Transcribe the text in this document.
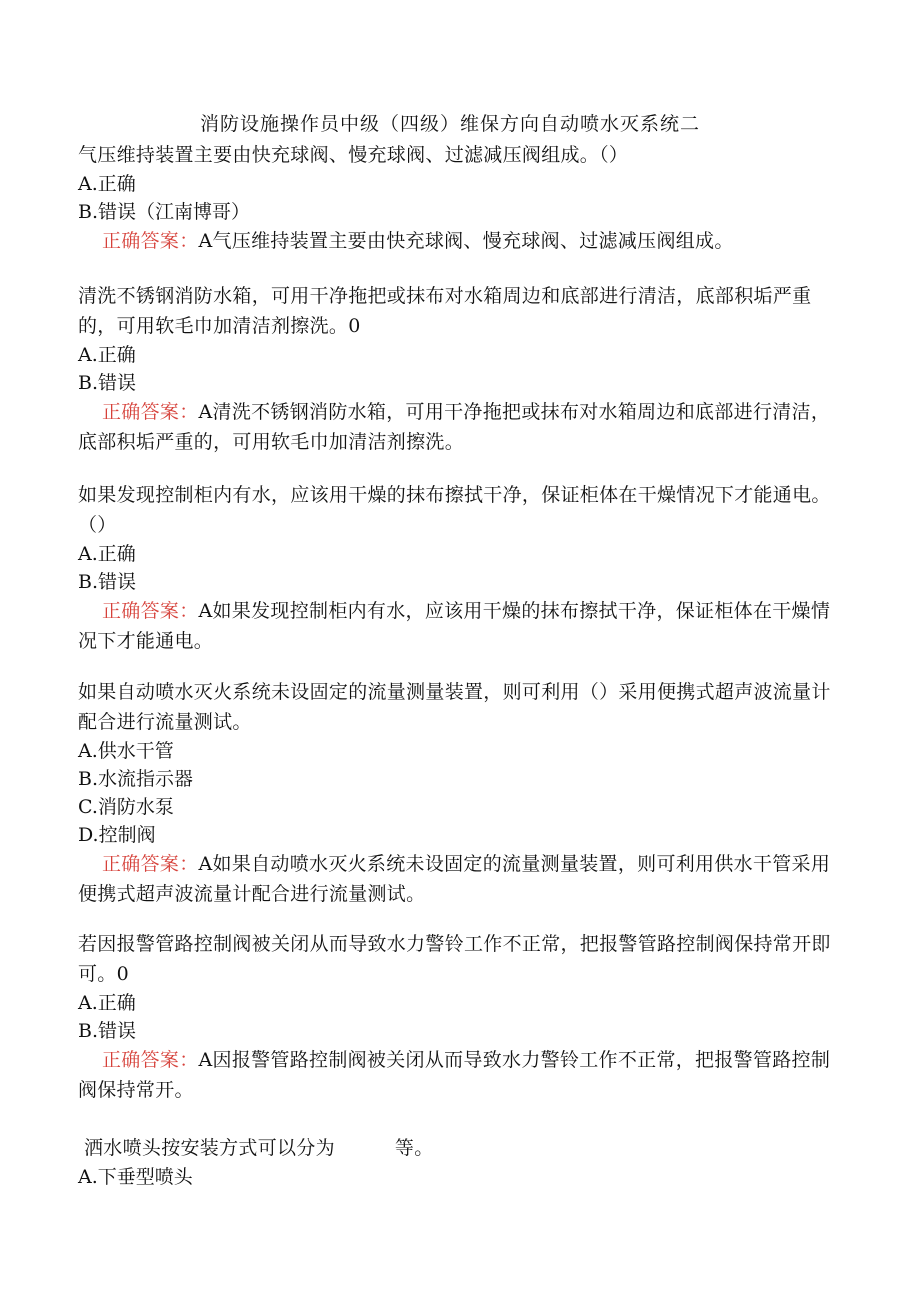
消防设施操作员中级（四级）维保方向自动喷水灭系统二

气压维持装置主要由快充球阀、慢充球阀、过滤减压阀组成。（）

A.正确

B.错误（江南博哥）

正确答案：A气压维持装置主要由快充球阀、慢充球阀、过滤减压阀组成。

清洗不锈钢消防水箱，可用干净拖把或抹布对水箱周边和底部进行清洁，底部积垢严重的，可用软毛巾加清洁剂擦洗。0

A.正确

B.错误

正确答案：A清洗不锈钢消防水箱，可用干净拖把或抹布对水箱周边和底部进行清洁，底部积垢严重的，可用软毛巾加清洁剂擦洗。

如果发现控制柜内有水，应该用干燥的抹布擦拭干净，保证柜体在干燥情况下才能通电。（）

A.正确

B.错误

正确答案：A如果发现控制柜内有水，应该用干燥的抹布擦拭干净，保证柜体在干燥情况下才能通电。

如果自动喷水灭火系统未设固定的流量测量装置，则可利用（）采用便携式超声波流量计配合进行流量测试。

A.供水干管

B.水流指示器

C.消防水泵

D.控制阀

正确答案：A如果自动喷水灭火系统未设固定的流量测量装置，则可利用供水干管采用便携式超声波流量计配合进行流量测试。

若因报警管路控制阀被关闭从而导致水力警铃工作不正常，把报警管路控制阀保持常开即可。0

A.正确

B.错误

正确答案：A因报警管路控制阀被关闭从而导致水力警铃工作不正常，把报警管路控制阀保持常开。

洒水喷头按安装方式可以分为	等。

A.下垂型喷头
